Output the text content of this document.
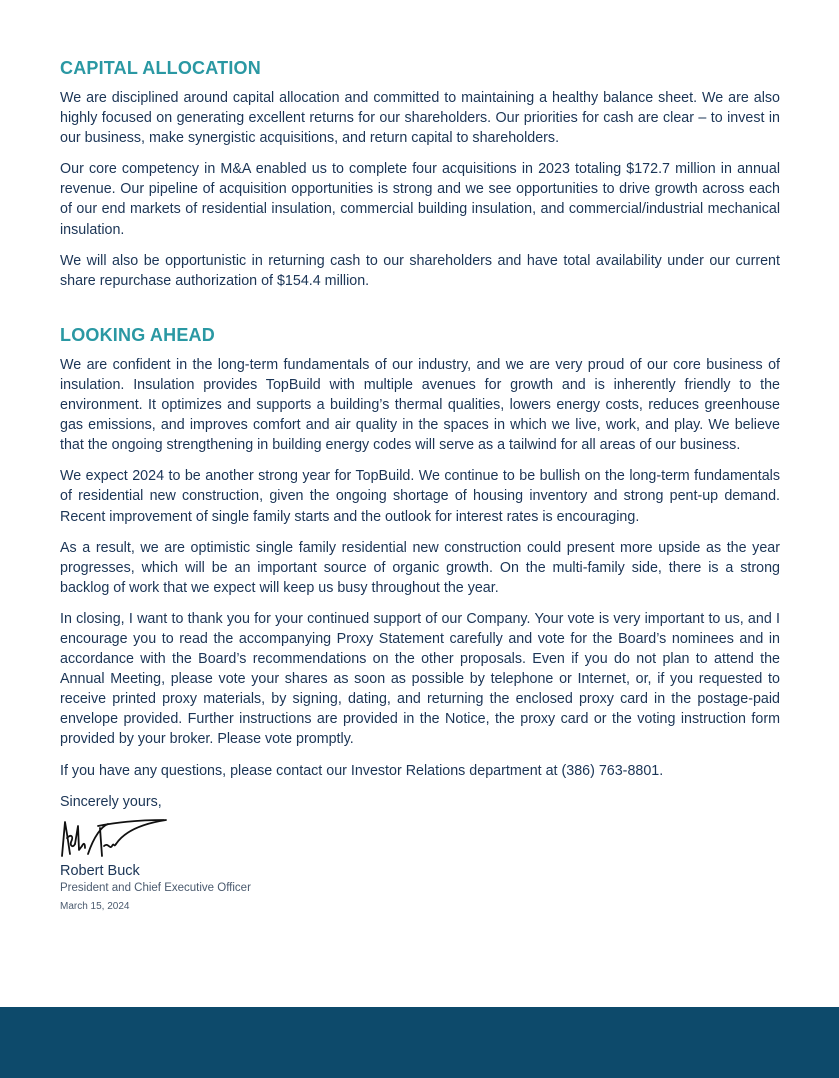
CAPITAL ALLOCATION

We are disciplined around capital allocation and committed to maintaining a healthy balance sheet. We are also highly focused on generating excellent returns for our shareholders. Our priorities for cash are clear – to invest in our business, make synergistic acquisitions, and return capital to shareholders.

Our core competency in M&A enabled us to complete four acquisitions in 2023 totaling $172.7 million in annual revenue. Our pipeline of acquisition opportunities is strong and we see opportunities to drive growth across each of our end markets of residential insulation, commercial building insulation, and commercial/industrial mechanical insulation.

We will also be opportunistic in returning cash to our shareholders and have total availability under our current share repurchase authorization of $154.4 million.

LOOKING AHEAD

We are confident in the long-term fundamentals of our industry, and we are very proud of our core business of insulation. Insulation provides TopBuild with multiple avenues for growth and is inherently friendly to the environment. It optimizes and supports a building’s thermal qualities, lowers energy costs, reduces greenhouse gas emissions, and improves comfort and air quality in the spaces in which we live, work, and play. We believe that the ongoing strengthening in building energy codes will serve as a tailwind for all areas of our business.

We expect 2024 to be another strong year for TopBuild. We continue to be bullish on the long-term fundamentals of residential new construction, given the ongoing shortage of housing inventory and strong pent-up demand. Recent improvement of single family starts and the outlook for interest rates is encouraging.

As a result, we are optimistic single family residential new construction could present more upside as the year progresses, which will be an important source of organic growth. On the multi-family side, there is a strong backlog of work that we expect will keep us busy throughout the year.

In closing, I want to thank you for your continued support of our Company. Your vote is very important to us, and I encourage you to read the accompanying Proxy Statement carefully and vote for the Board’s nominees and in accordance with the Board’s recommendations on the other proposals. Even if you do not plan to attend the Annual Meeting, please vote your shares as soon as possible by telephone or Internet, or, if you requested to receive printed proxy materials, by signing, dating, and returning the enclosed proxy card in the postage-paid envelope provided. Further instructions are provided in the Notice, the proxy card or the voting instruction form provided by your broker. Please vote promptly.

If you have any questions, please contact our Investor Relations department at (386) 763-8801.

Sincerely yours,
Robert Buck
President and Chief Executive Officer
March 15, 2024
